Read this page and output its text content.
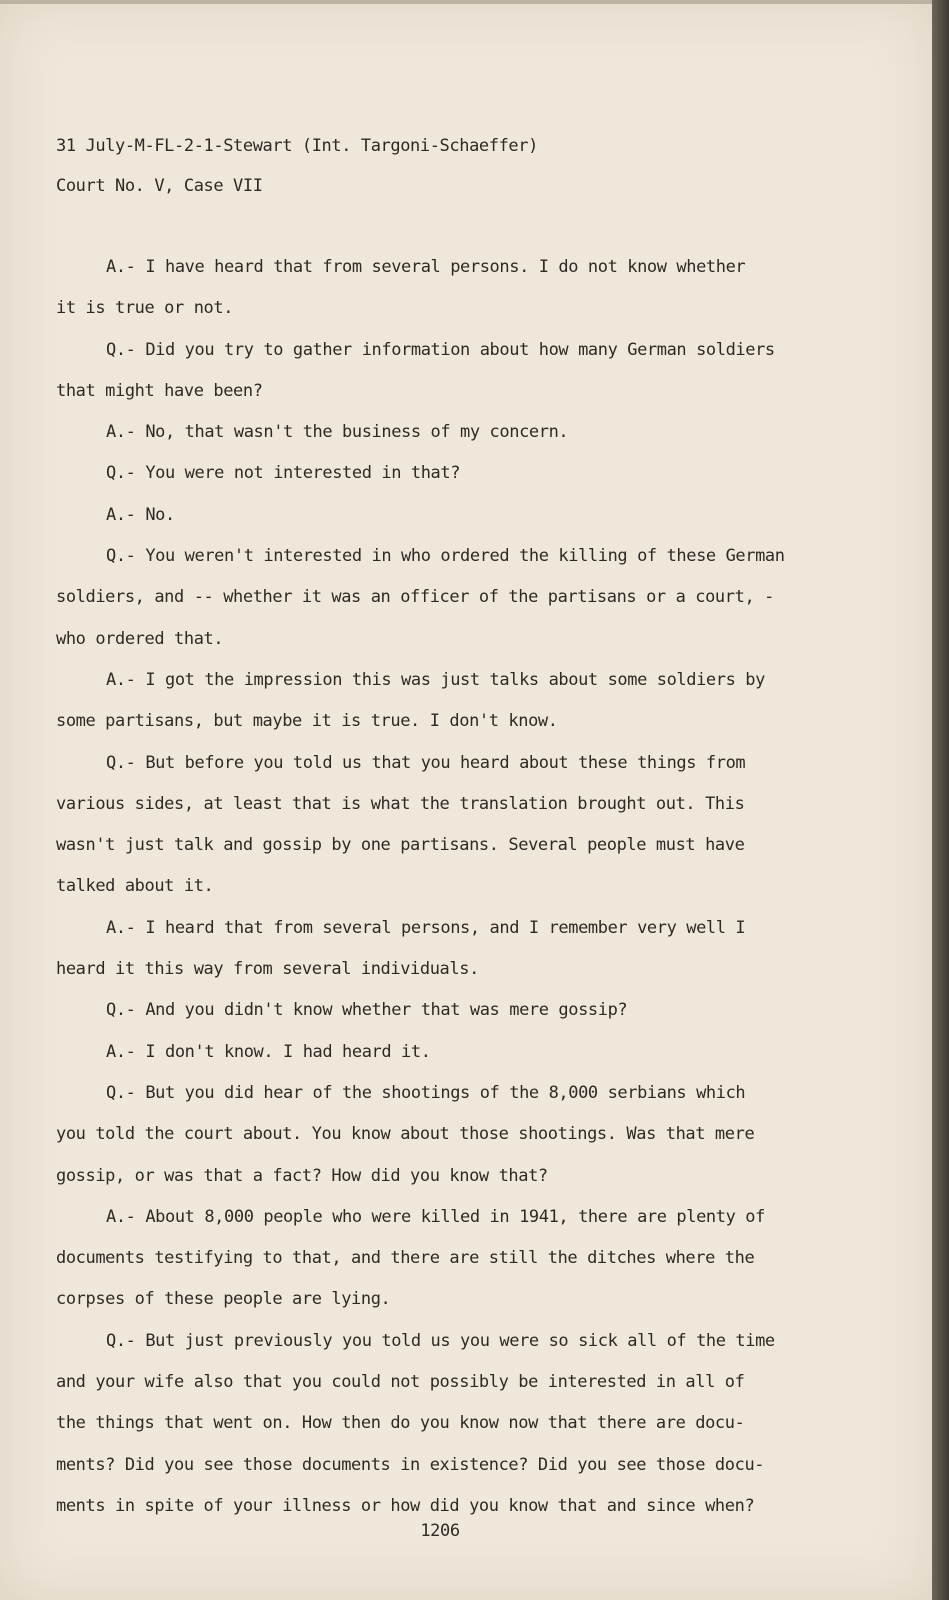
31 July-M-FL-2-1-Stewart (Int. Targoni-Schaeffer)
Court No. V, Case VII
A.- I have heard that from several persons. I do not know whether
it is true or not.
Q.- Did you try to gather information about how many German soldiers
that might have been?
A.- No, that wasn't the business of my concern.
Q.- You were not interested in that?
A.- No.
Q.- You weren't interested in who ordered the killing of these German
soldiers, and -- whether it was an officer of the partisans or a court, -
who ordered that.
A.- I got the impression this was just talks about some soldiers by
some partisans, but maybe it is true. I don't know.
Q.- But before you told us that you heard about these things from
various sides, at least that is what the translation brought out. This
wasn't just talk and gossip by one partisans. Several people must have
talked about it.
A.- I heard that from several persons, and I remember very well I
heard it this way from several individuals.
Q.- And you didn't know whether that was mere gossip?
A.- I don't know. I had heard it.
Q.- But you did hear of the shootings of the 8,000 serbians which
you told the court about. You know about those shootings. Was that mere
gossip, or was that a fact? How did you know that?
A.- About 8,000 people who were killed in 1941, there are plenty of
documents testifying to that, and there are still the ditches where the
corpses of these people are lying.
Q.- But just previously you told us you were so sick all of the time
and your wife also that you could not possibly be interested in all of
the things that went on. How then do you know now that there are docu-
ments? Did you see those documents in existence? Did you see those docu-
ments in spite of your illness or how did you know that and since when?
1206
